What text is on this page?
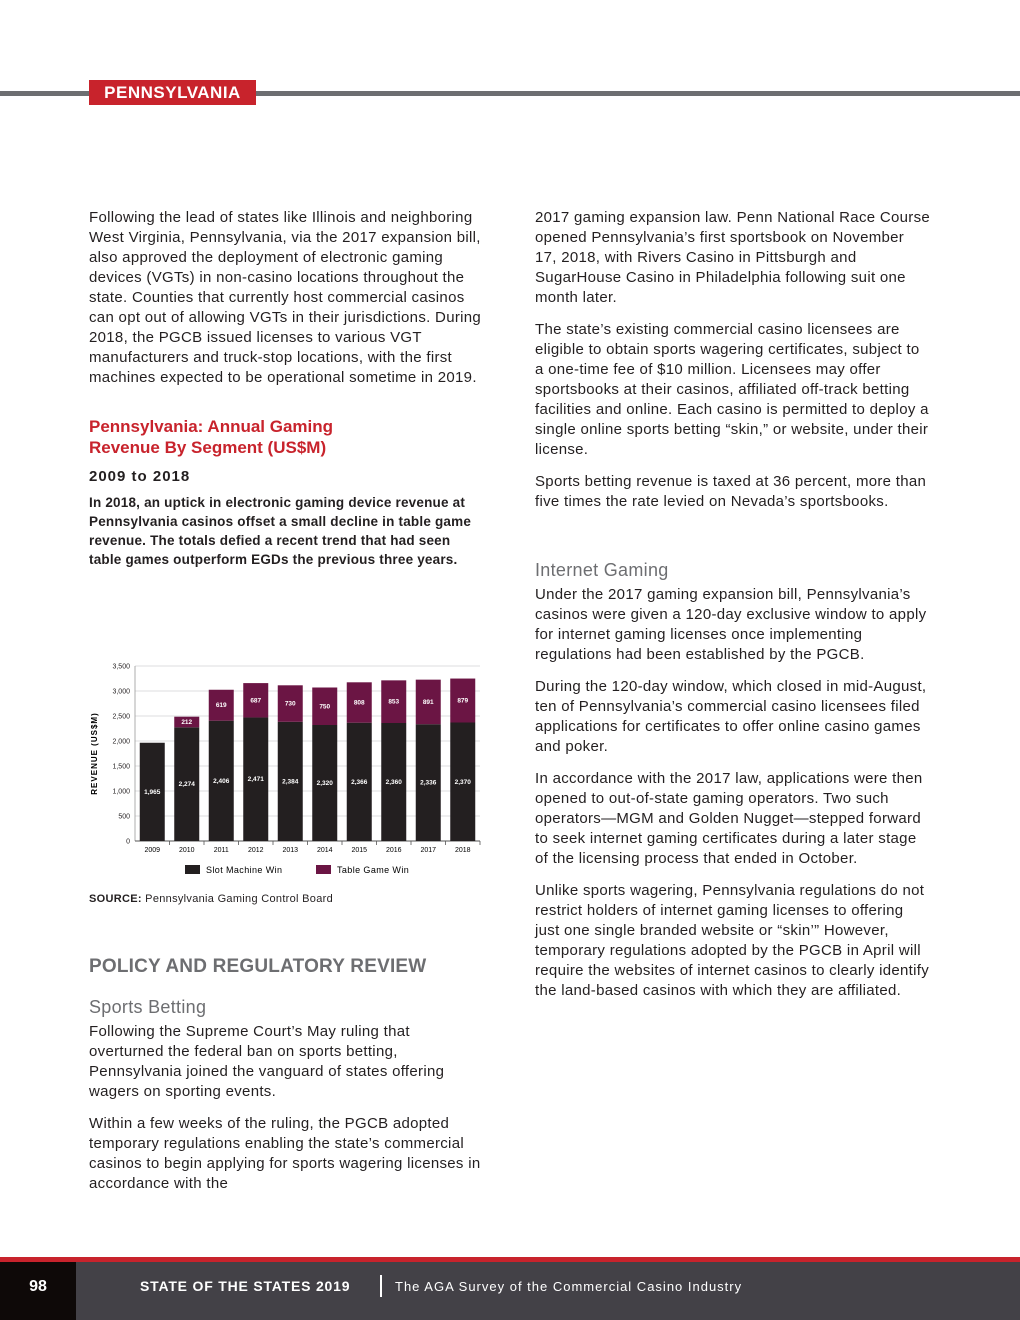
PENNSYLVANIA

Following the lead of states like Illinois and neighboring West Virginia, Pennsylvania, via the 2017 expansion bill, also approved the deployment of electronic gaming devices (VGTs) in non-casino locations throughout the state. Counties that currently host commercial casinos can opt out of allowing VGTs in their jurisdictions. During 2018, the PGCB issued licenses to various VGT manufacturers and truck-stop locations, with the first machines expected to be operational sometime in 2019.

Pennsylvania: Annual Gaming Revenue By Segment (US$M)
2009 to 2018

In 2018, an uptick in electronic gaming device revenue at Pennsylvania casinos offset a small decline in table game revenue. The totals defied a recent trend that had seen table games outperform EGDs the previous three years.

0
500
1,000
1,500
2,000
2,500
3,000
3,500
REVENUE (US$M)	1,965
2009
2,274
212
2010
2,406
619
2011
2,471
687
2012
2,384
730
2013
2,320
750
2014
2,366
808
2015
2,360
853
2016
2,336
891
2017
2,370
879
2018
Slot Machine Win	Table Game Win
SOURCE: Pennsylvania Gaming Control Board
POLICY AND REGULATORY REVIEW
Sports Betting

Following the Supreme Court’s May ruling that overturned the federal ban on sports betting, Pennsylvania joined the vanguard of states offering wagers on sporting events.

Within a few weeks of the ruling, the PGCB adopted temporary regulations enabling the state’s commercial casinos to begin applying for sports wagering licenses in accordance with the

2017 gaming expansion law. Penn National Race Course opened Pennsylvania’s first sportsbook on November 17, 2018, with Rivers Casino in Pittsburgh and SugarHouse Casino in Philadelphia following suit one month later.

The state’s existing commercial casino licensees are eligible to obtain sports wagering certificates, subject to a one-time fee of $10 million. Licensees may offer sportsbooks at their casinos, affiliated off-track betting facilities and online. Each casino is permitted to deploy a single online sports betting “skin,” or website, under their license.

Sports betting revenue is taxed at 36 percent, more than five times the rate levied on Nevada’s sportsbooks.

Internet Gaming

Under the 2017 gaming expansion bill, Pennsylvania’s casinos were given a 120-day exclusive window to apply for internet gaming licenses once implementing regulations had been established by the PGCB.

During the 120-day window, which closed in mid-August, ten of Pennsylvania’s commercial casino licensees filed applications for certificates to offer online casino games and poker.

In accordance with the 2017 law, applications were then opened to out-of-state gaming operators. Two such operators—MGM and Golden Nugget—stepped forward to seek internet gaming certificates during a later stage of the licensing process that ended in October.

Unlike sports wagering, Pennsylvania regulations do not restrict holders of internet gaming licenses to offering just one single branded website or “skin’” However, temporary regulations adopted by the PGCB in April will require the websites of internet casinos to clearly identify the land-based casinos with which they are affiliated.

98	STATE OF THE STATES 2019	The AGA Survey of the Commercial Casino Industry
